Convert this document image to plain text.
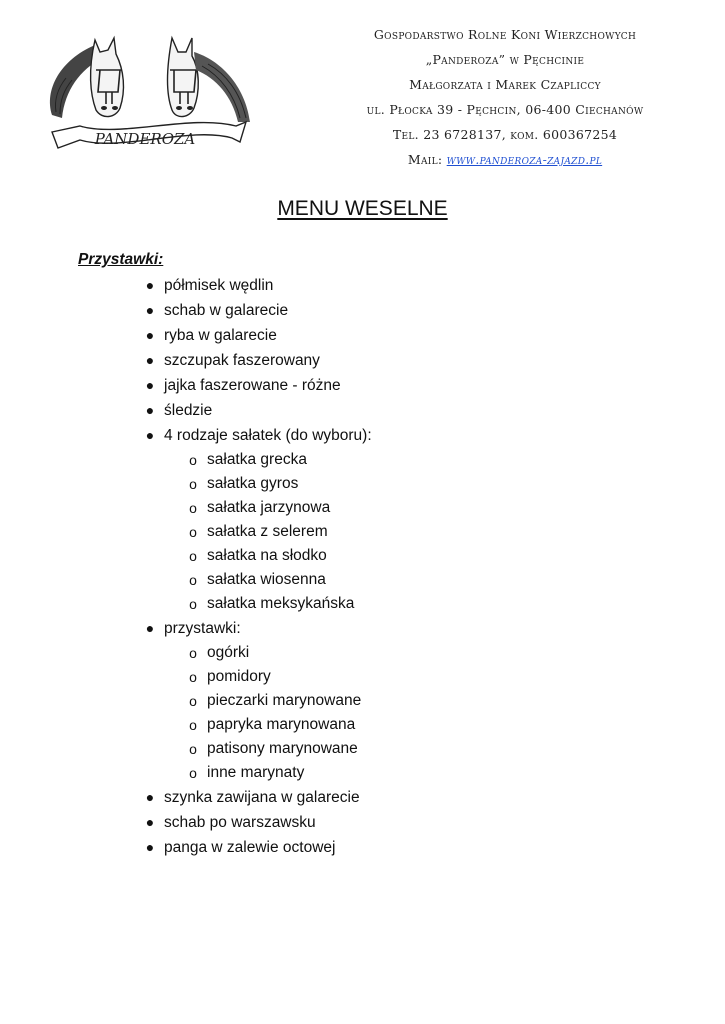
PANDEROZA
Gospodarstwo Rolne Koni Wierzchowych
„Panderoza” w Pęchcinie
Małgorzata i Marek Czapliccy
ul. Płocka 39 - Pęchcin, 06-400 Ciechanów
Tel. 23 6728137, kom. 600367254
Mail: www.panderoza-zajazd.pl
MENU WESELNE
Przystawki:
● półmisek wędlin
● schab w galarecie
● ryba w galarecie
● szczupak faszerowany
● jajka faszerowane - różne
● śledzie
● 4 rodzaje sałatek (do wyboru):
o sałatka grecka
o sałatka gyros
o sałatka jarzynowa
o sałatka z selerem
o sałatka na słodko
o sałatka wiosenna
o sałatka meksykańska
● przystawki:
o ogórki
o pomidory
o pieczarki marynowane
o papryka marynowana
o patisony marynowane
o inne marynaty
● szynka zawijana w galarecie
● schab po warszawsku
● panga w zalewie octowej
